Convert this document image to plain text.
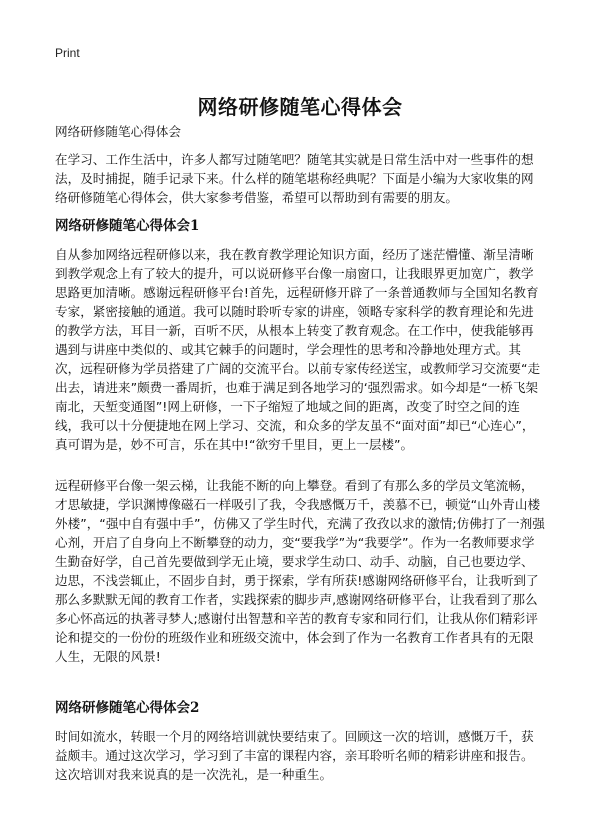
Print
网络研修随笔心得体会

网络研修随笔心得体会

在学习、工作生活中，许多人都写过随笔吧？随笔其实就是日常生活中对一些事件的想法，及时捕捉，随手记录下来。什么样的随笔堪称经典呢？下面是小编为大家收集的网络研修随笔心得体会，供大家参考借鉴，希望可以帮助到有需要的朋友。

网络研修随笔心得体会1

自从参加网络远程研修以来，我在教育教学理论知识方面，经历了迷茫懵懂、渐呈清晰到教学观念上有了较大的提升，可以说研修平台像一扇窗口，让我眼界更加宽广，教学思路更加清晰。感谢远程研修平台!首先，远程研修开辟了一条普通教师与全国知名教育专家，紧密接触的通道。我可以随时聆听专家的讲座，领略专家科学的教育理论和先进的教学方法，耳目一新，百听不厌，从根本上转变了教育观念。在工作中，使我能够再遇到与讲座中类似的、或其它棘手的问题时，学会理性的思考和冷静地处理方式。其次，远程研修为学员搭建了广阔的交流平台。以前专家传经送宝，或教师学习交流要“走出去，请进来”颇费一番周折，也难于满足到各地学习的‘强烈需求。如今却是“一桥飞架南北，天堑变通图”!网上研修，一下子缩短了地域之间的距离，改变了时空之间的连线，我可以十分便捷地在网上学习、交流，和众多的学友虽不“面对面”却已“心连心”，真可谓为是，妙不可言，乐在其中!“欲穷千里目，更上一层楼”。

远程研修平台像一架云梯，让我能不断的向上攀登。看到了有那么多的学员文笔流畅，才思敏捷，学识渊博像磁石一样吸引了我，令我感慨万千，羡慕不已，顿觉“山外青山楼外楼”，“强中自有强中手”，仿佛又了学生时代，充满了孜孜以求的激情;仿佛打了一剂强心剂，开启了自身向上不断攀登的动力，变“要我学”为“我要学”。作为一名教师要求学生勤奋好学，自己首先要做到学无止境，要求学生动口、动手、动脑，自己也要边学、边思，不浅尝辄止，不固步自封，勇于探索，学有所获!感谢网络研修平台，让我听到了那么多默默无闻的教育工作者，实践探索的脚步声,感谢网络研修平台，让我看到了那么多心怀高远的执著寻梦人;感谢付出智慧和辛苦的教育专家和同行们，让我从你们精彩评论和提交的一份份的班级作业和班级交流中，体会到了作为一名教育工作者具有的无限人生，无限的风景!

网络研修随笔心得体会2

时间如流水，转眼一个月的网络培训就快要结束了。回顾这一次的培训，感慨万千，获益颇丰。通过这次学习，学习到了丰富的课程内容，亲耳聆听名师的精彩讲座和报告。这次培训对我来说真的是一次洗礼，是一种重生。
